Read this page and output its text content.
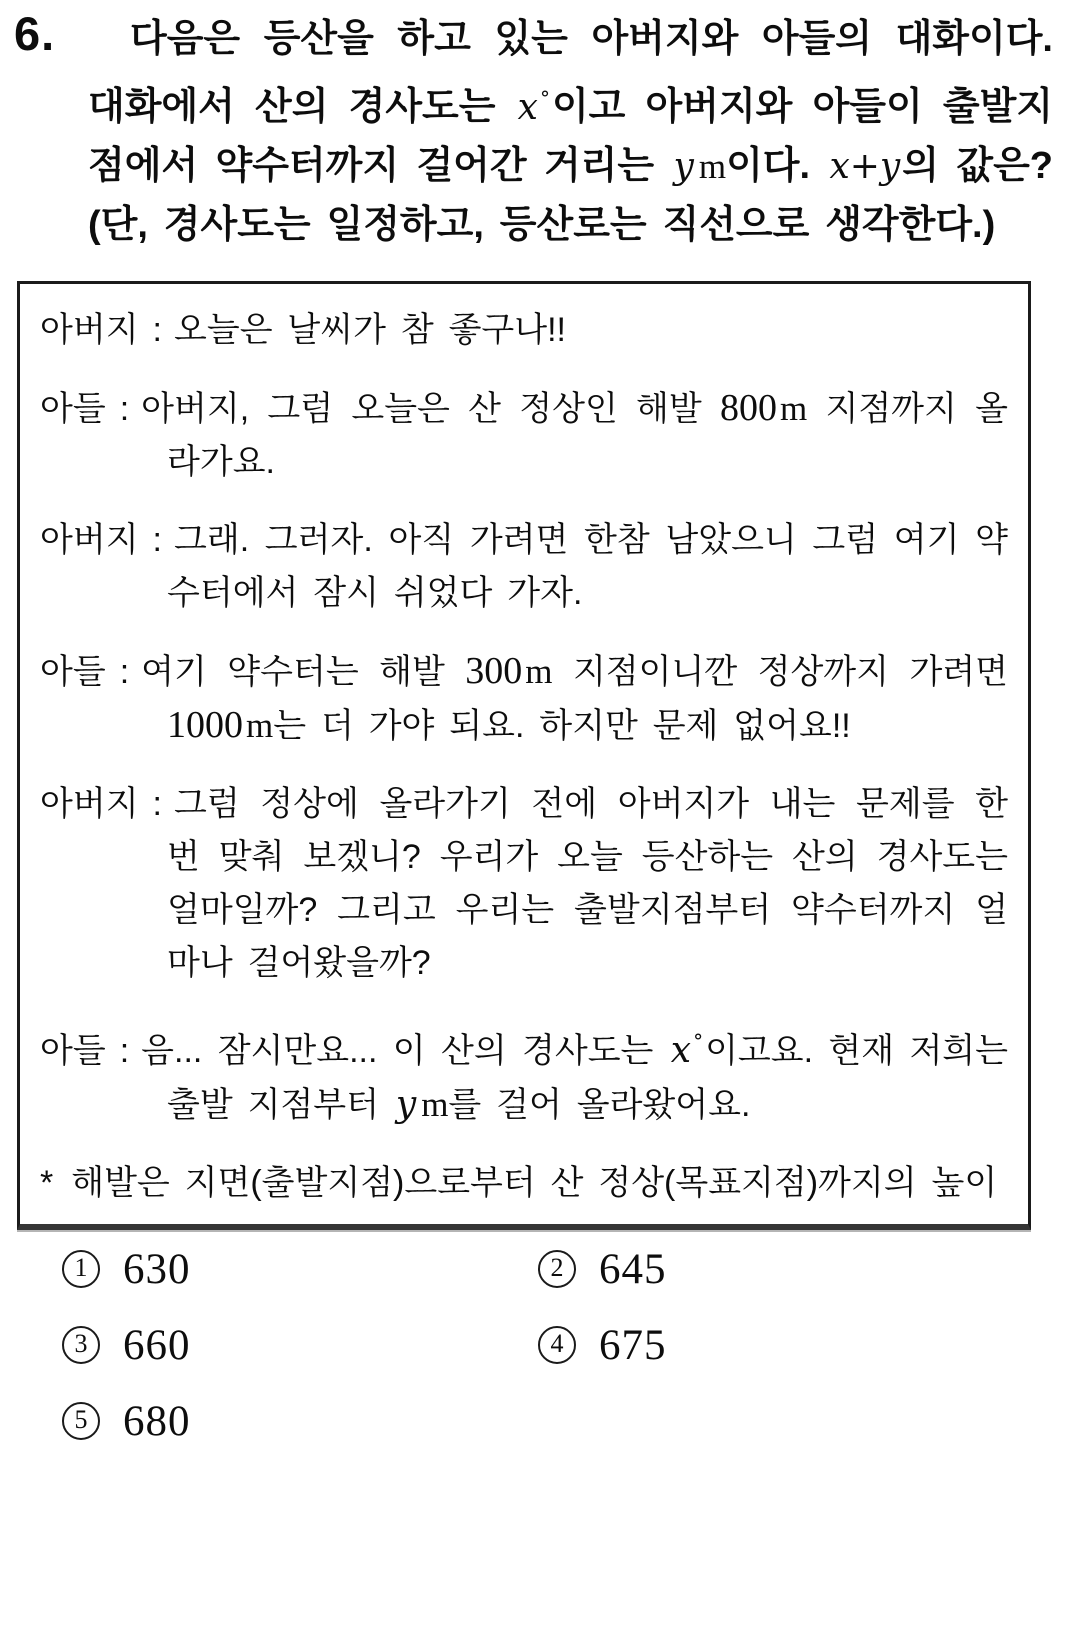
6.	다음은 등산을 하고 있는 아버지와 아들의 대화이다. 대화에서 산의 경사도는 x °이고 아버지와 아들이 출발지점에서 약수터까지 걸어간 거리는 y m이다. x+y의 값은? (단, 경사도는 일정하고, 등산로는 직선으로 생각한다.)

아버지 : 오늘은 날씨가 참 좋구나!!

아들 : 아버지, 그럼 오늘은 산 정상인 해발 800m 지점까지 올라가요.

아버지 : 그래. 그러자. 아직 가려면 한참 남았으니 그럼 여기 약수터에서 잠시 쉬었다 가자.

아들 : 여기 약수터는 해발 300m 지점이니깐 정상까지 가려면 1000m는 더 가야 되요. 하지만 문제 없어요!!

아버지 : 그럼 정상에 올라가기 전에 아버지가 내는 문제를 한 번 맞춰 보겠니? 우리가 오늘 등산하는 산의 경사도는 얼마일까? 그리고 우리는 출발지점부터 약수터까지 얼마나 걸어왔을까?

아들 : 음... 잠시만요... 이 산의 경사도는 x °이고요. 현재 저희는 출발 지점부터 y m를 걸어 올라왔어요.

* 해발은 지면(출발지점)으로부터 산 정상(목표지점)까지의 높이

1 630	2 645
3 660	4 675
5 680
